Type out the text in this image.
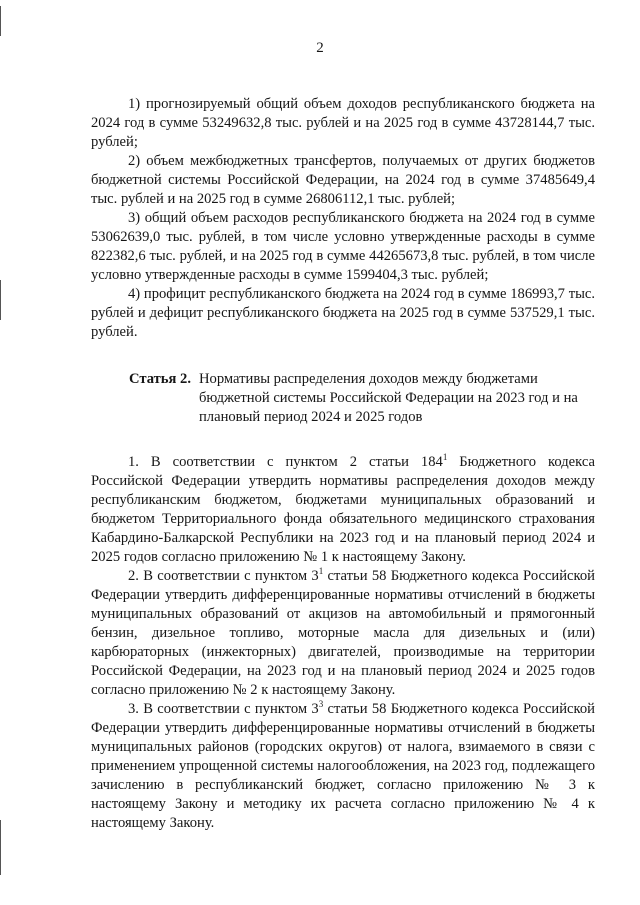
2

1) прогнозируемый общий объем доходов республиканского бюджета на 2024 год в сумме 53249632,8 тыс. рублей и на 2025 год в сумме 43728144,7 тыс. рублей;

2) объем межбюджетных трансфертов, получаемых от других бюджетов бюджетной системы Российской Федерации, на 2024 год в сумме 37485649,4 тыс. рублей и на 2025 год в сумме 26806112,1 тыс. рублей;

3) общий объем расходов республиканского бюджета на 2024 год в сумме 53062639,0 тыс. рублей, в том числе условно утвержденные расходы в сумме 822382,6 тыс. рублей, и на 2025 год в сумме 44265673,8 тыс. рублей, в том числе условно утвержденные расходы в сумме 1599404,3 тыс. рублей;

4) профицит республиканского бюджета на 2024 год в сумме 186993,7 тыс. рублей и дефицит республиканского бюджета на 2025 год в сумме 537529,1 тыс. рублей.

Статья 2. Нормативы распределения доходов между бюджетами бюджетной системы Российской Федерации на 2023 год и на плановый период 2024 и 2025 годов

1. В соответствии с пунктом 2 статьи $184^1$ Бюджетного кодекса Российской Федерации утвердить нормативы распределения доходов между республиканским бюджетом, бюджетами муниципальных образований и бюджетом Территориального фонда обязательного медицинского страхования Кабардино-Балкарской Республики на 2023 год и на плановый период 2024 и 2025 годов согласно приложению № 1 к настоящему Закону.

2. В соответствии с пунктом $3^1$ статьи 58 Бюджетного кодекса Российской Федерации утвердить дифференцированные нормативы отчислений в бюджеты муниципальных образований от акцизов на автомобильный и прямогонный бензин, дизельное топливо, моторные масла для дизельных и (или) карбюраторных (инжекторных) двигателей, производимые на территории Российской Федерации, на 2023 год и на плановый период 2024 и 2025 годов согласно приложению № 2 к настоящему Закону.

3. В соответствии с пунктом $3^3$ статьи 58 Бюджетного кодекса Российской Федерации утвердить дифференцированные нормативы отчислений в бюджеты муниципальных районов (городских округов) от налога, взимаемого в связи с применением упрощенной системы налогообложения, на 2023 год, подлежащего зачислению в республиканский бюджет, согласно приложению № 3 к настоящему Закону и методику их расчета согласно приложению № 4 к настоящему Закону.
